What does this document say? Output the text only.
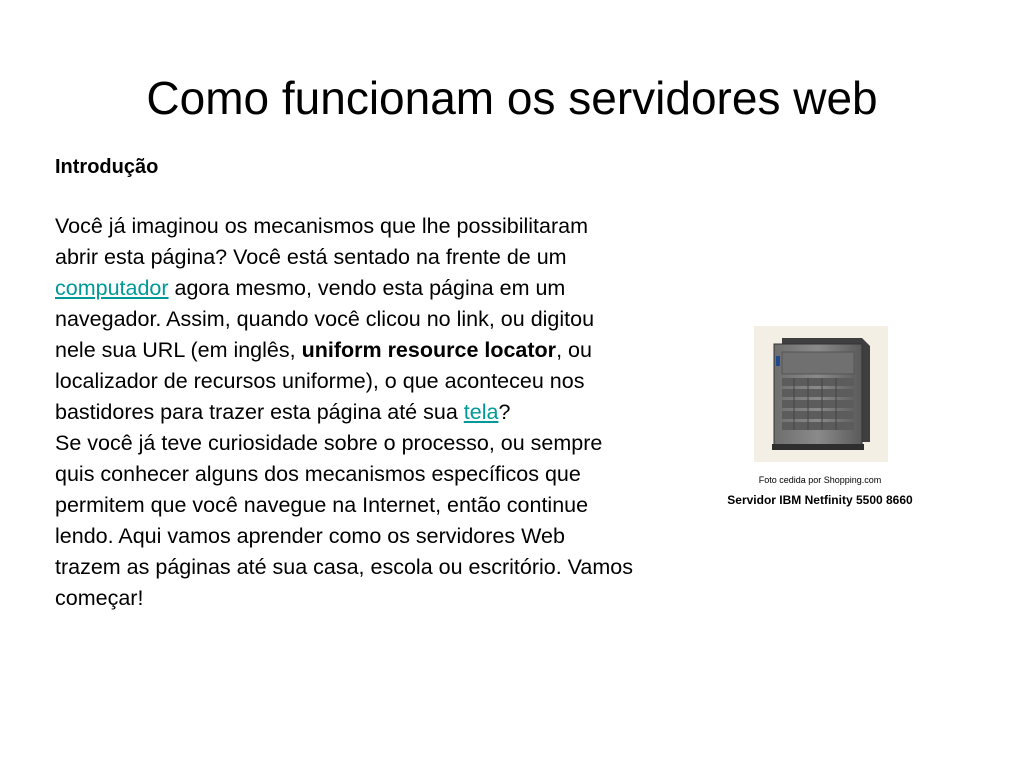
Como funcionam os servidores web
Introdução

Você já imaginou os mecanismos que lhe possibilitaram abrir esta página? Você está sentado na frente de um computador agora mesmo, vendo esta página em um navegador. Assim, quando você clicou no link, ou digitou nele sua URL (em inglês, uniform resource locator, ou localizador de recursos uniforme), o que aconteceu nos bastidores para trazer esta página até sua tela?

Se você já teve curiosidade sobre o processo, ou sempre quis conhecer alguns dos mecanismos específicos que permitem que você navegue na Internet, então continue lendo. Aqui vamos aprender como os servidores Web trazem as páginas até sua casa, escola ou escritório. Vamos começar!

Foto cedida por Shopping.com
Servidor IBM Netfinity 5500 8660
